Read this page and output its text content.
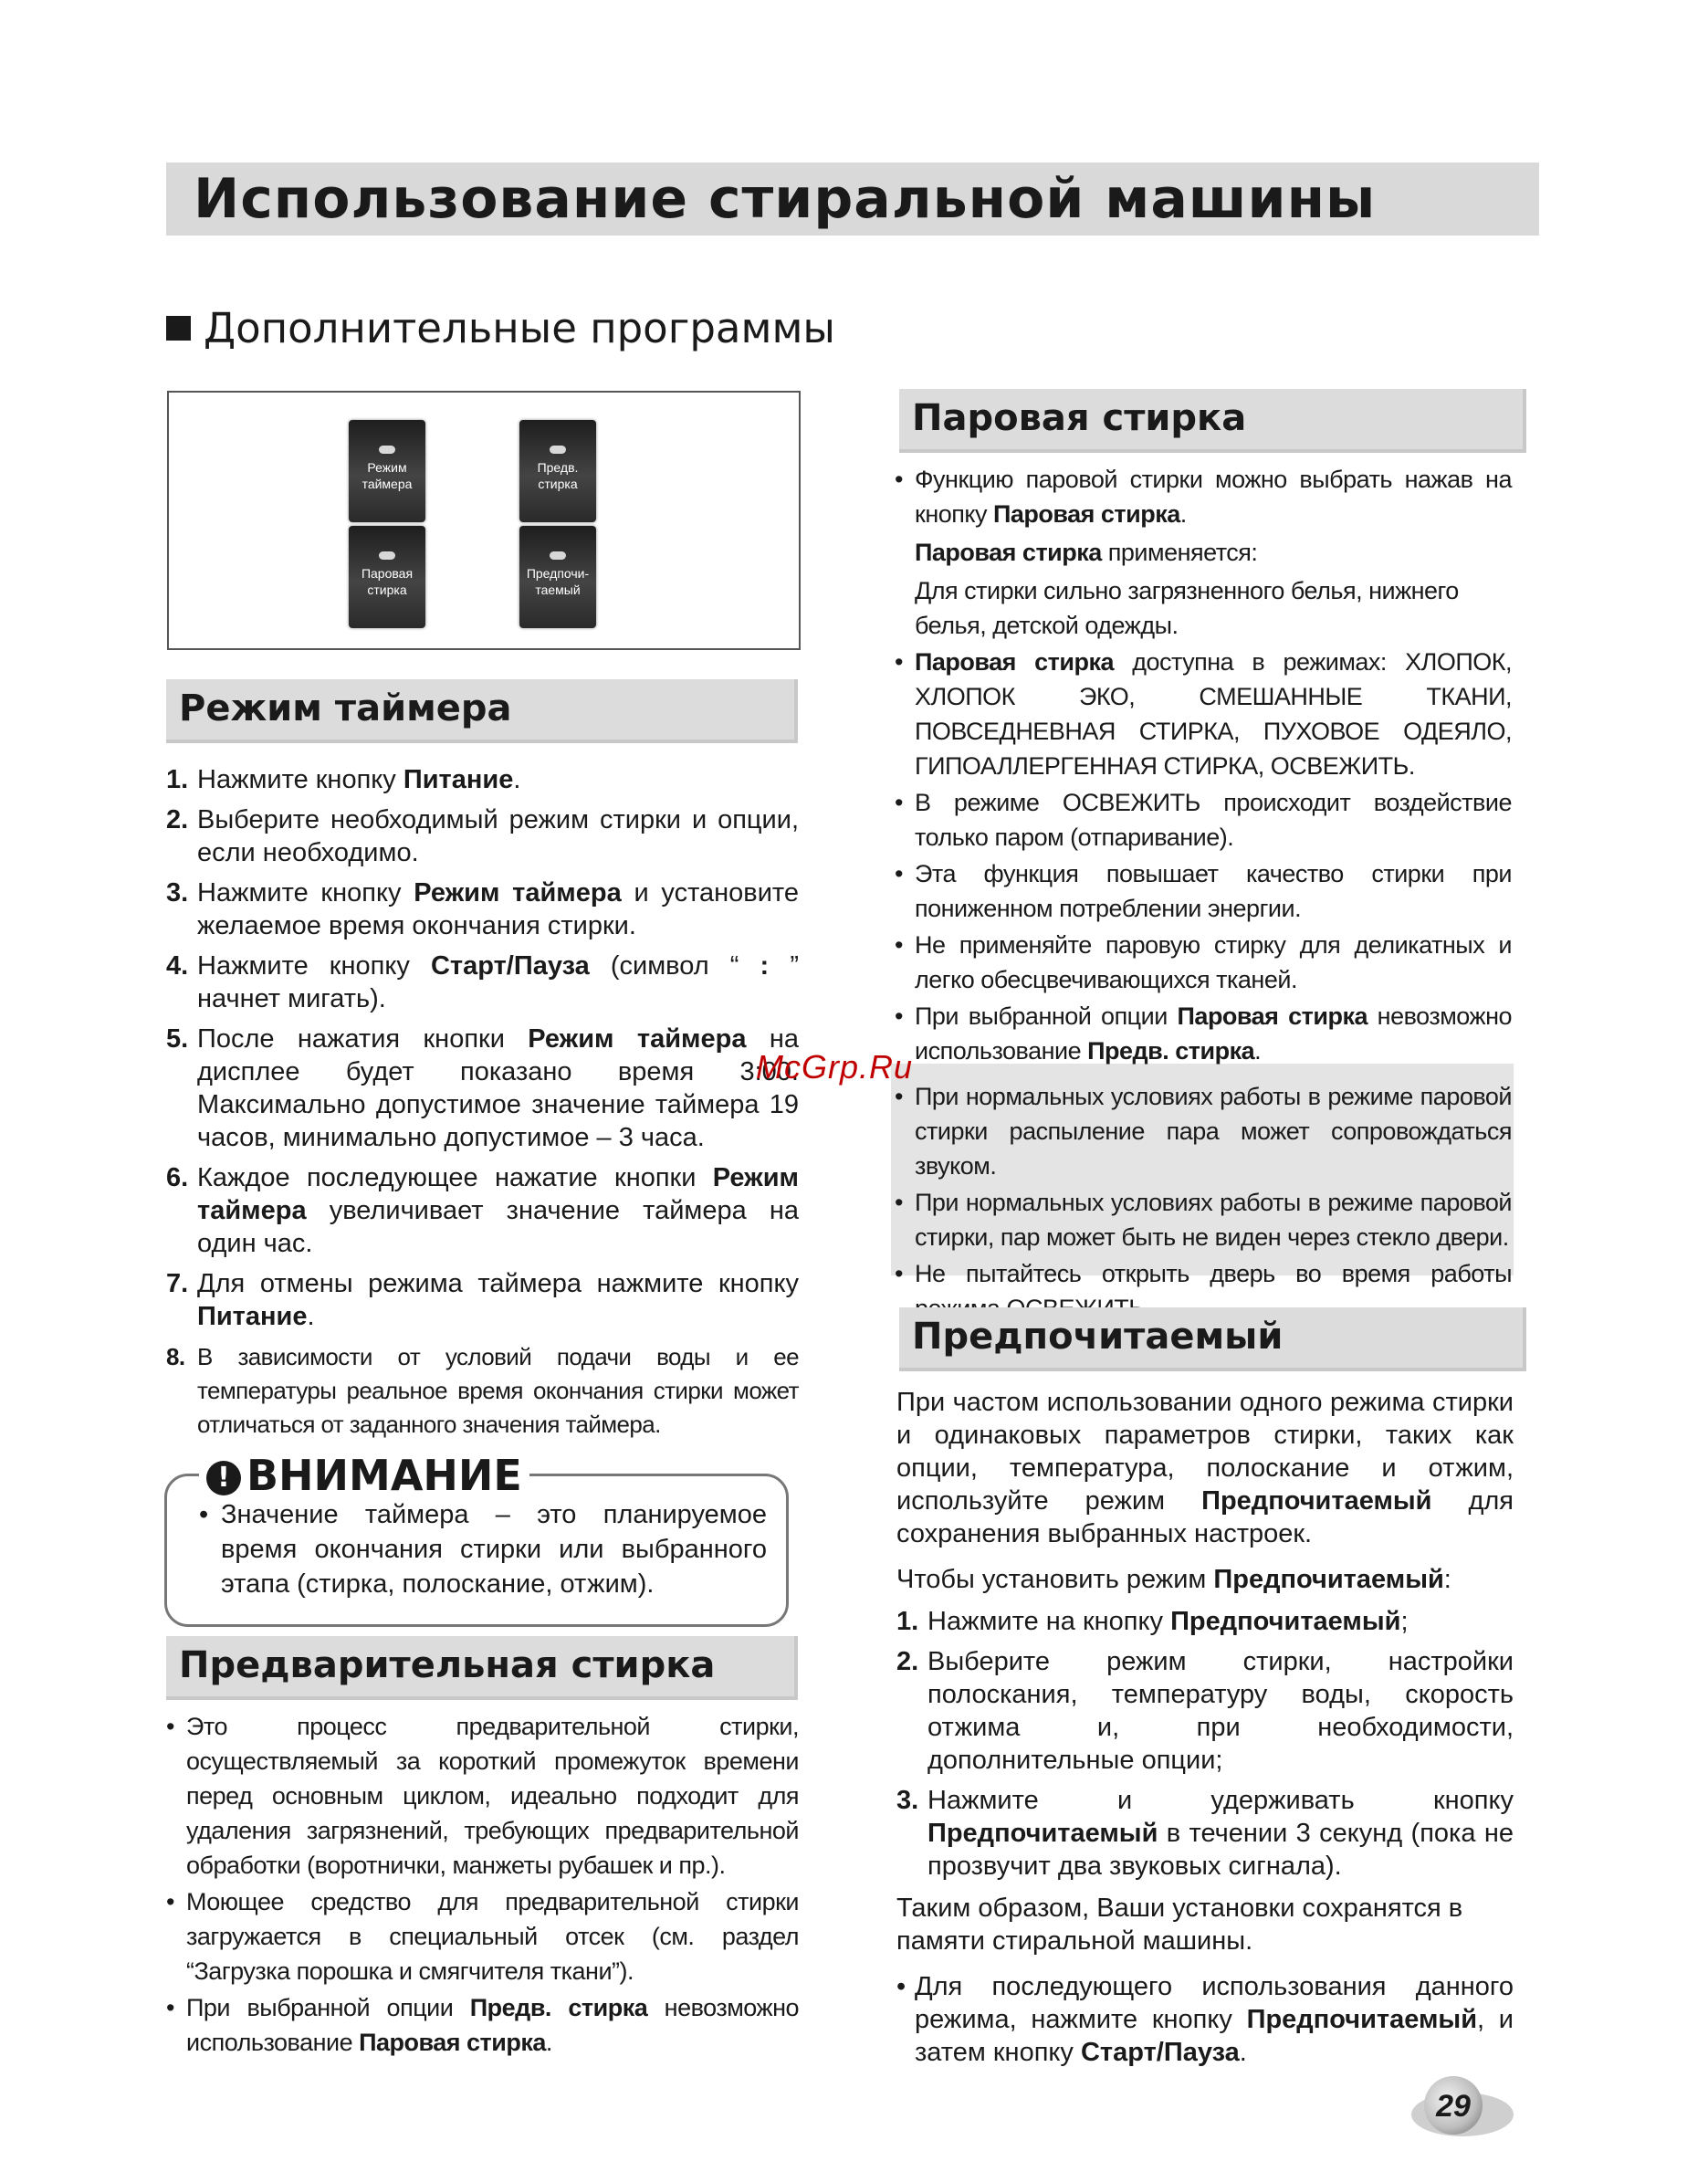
Использование стиральной машины
Дополнительные программы
Режим таймера
Предв. стирка
Паровая стирка
Предпочи- таемый
Режим таймера
1. Нажмите кнопку Питание.
2. Выберите необходимый режим стирки и опции, если необходимо.
3. Нажмите кнопку Режим таймера и установите желаемое время окончания стирки.
4. Нажмите кнопку Старт/Пауза (символ “ : ” начнет мигать).
5. После нажатия кнопки Режим таймера на дисплее будет показано время 3:00. Максимально допустимое значение таймера 19 часов, минимально допустимое – 3 часа.
6. Каждое последующее нажатие кнопки Режим таймера увеличивает значение таймера на один час.
7. Для отмены режима таймера нажмите кнопку Питание.
8. В зависимости от условий подачи воды и ее температуры реальное время окончания стирки может отличаться от заданного значения таймера.
! ВНИМАНИЕ
• Значение таймера – это планируемое время окончания стирки или выбранного этапа (стирка, полоскание, отжим).
Предварительная стирка
• Это процесс предварительной стирки, осуществляемый за короткий промежуток времени перед основным циклом, идеально подходит для удаления загрязнений, требующих предварительной обработки (воротнички, манжеты рубашек и пр.).
• Моющее средство для предварительной стирки загружается в специальный отсек (см. раздел “Загрузка порошка и смягчителя ткани”).
• При выбранной опции Предв. стирка невозможно использование Паровая стирка.
Паровая стирка
• Функцию паровой стирки можно выбрать нажав на кнопку Паровая стирка.
Паровая стирка применяется:
Для стирки сильно загрязненного белья, нижнего белья, детской одежды.
• Паровая стирка доступна в режимах: ХЛОПОК, ХЛОПОК ЭКО, СМЕШАННЫЕ ТКАНИ, ПОВСЕДНЕВНАЯ СТИРКА, ПУХОВОЕ ОДЕЯЛО, ГИПОАЛЛЕРГЕННАЯ СТИРКА, ОСВЕЖИТЬ.
• В режиме ОСВЕЖИТЬ происходит воздействие только паром (отпаривание).
• Эта функция повышает качество стирки при пониженном потреблении энергии.
• Не применяйте паровую стирку для деликатных и легко обесцвечивающихся тканей.
• При выбранной опции Паровая стирка невозможно использование Предв. стирка.
• При нормальных условиях работы в режиме паровой стирки распыление пара может сопровождаться звуком.
• При нормальных условиях работы в режиме паровой стирки, пар может быть не виден через стекло двери.
• Не пытайтесь открыть дверь во время работы
Предпочитаемый
При частом использовании одного режима стирки и одинаковых параметров стирки, таких как опции, температура, полоскание и отжим, используйте режим Предпочитаемый для сохранения выбранных настроек.
Чтобы установить режим Предпочитаемый:
1. Нажмите на кнопку Предпочитаемый;
2. Выберите режим стирки, настройки полоскания, температуру воды, скорость отжима и, при необходимости, дополнительные опции;
3. Нажмите и удерживать кнопку Предпочитаемый в течении 3 секунд (пока не прозвучит два звуковых сигнала).
Таким образом, Ваши установки сохранятся в памяти стиральной машины.
• Для последующего использования данного режима, нажмите кнопку Предпочитаемый, и затем кнопку Старт/Пауза.
McGrp.Ru
29
